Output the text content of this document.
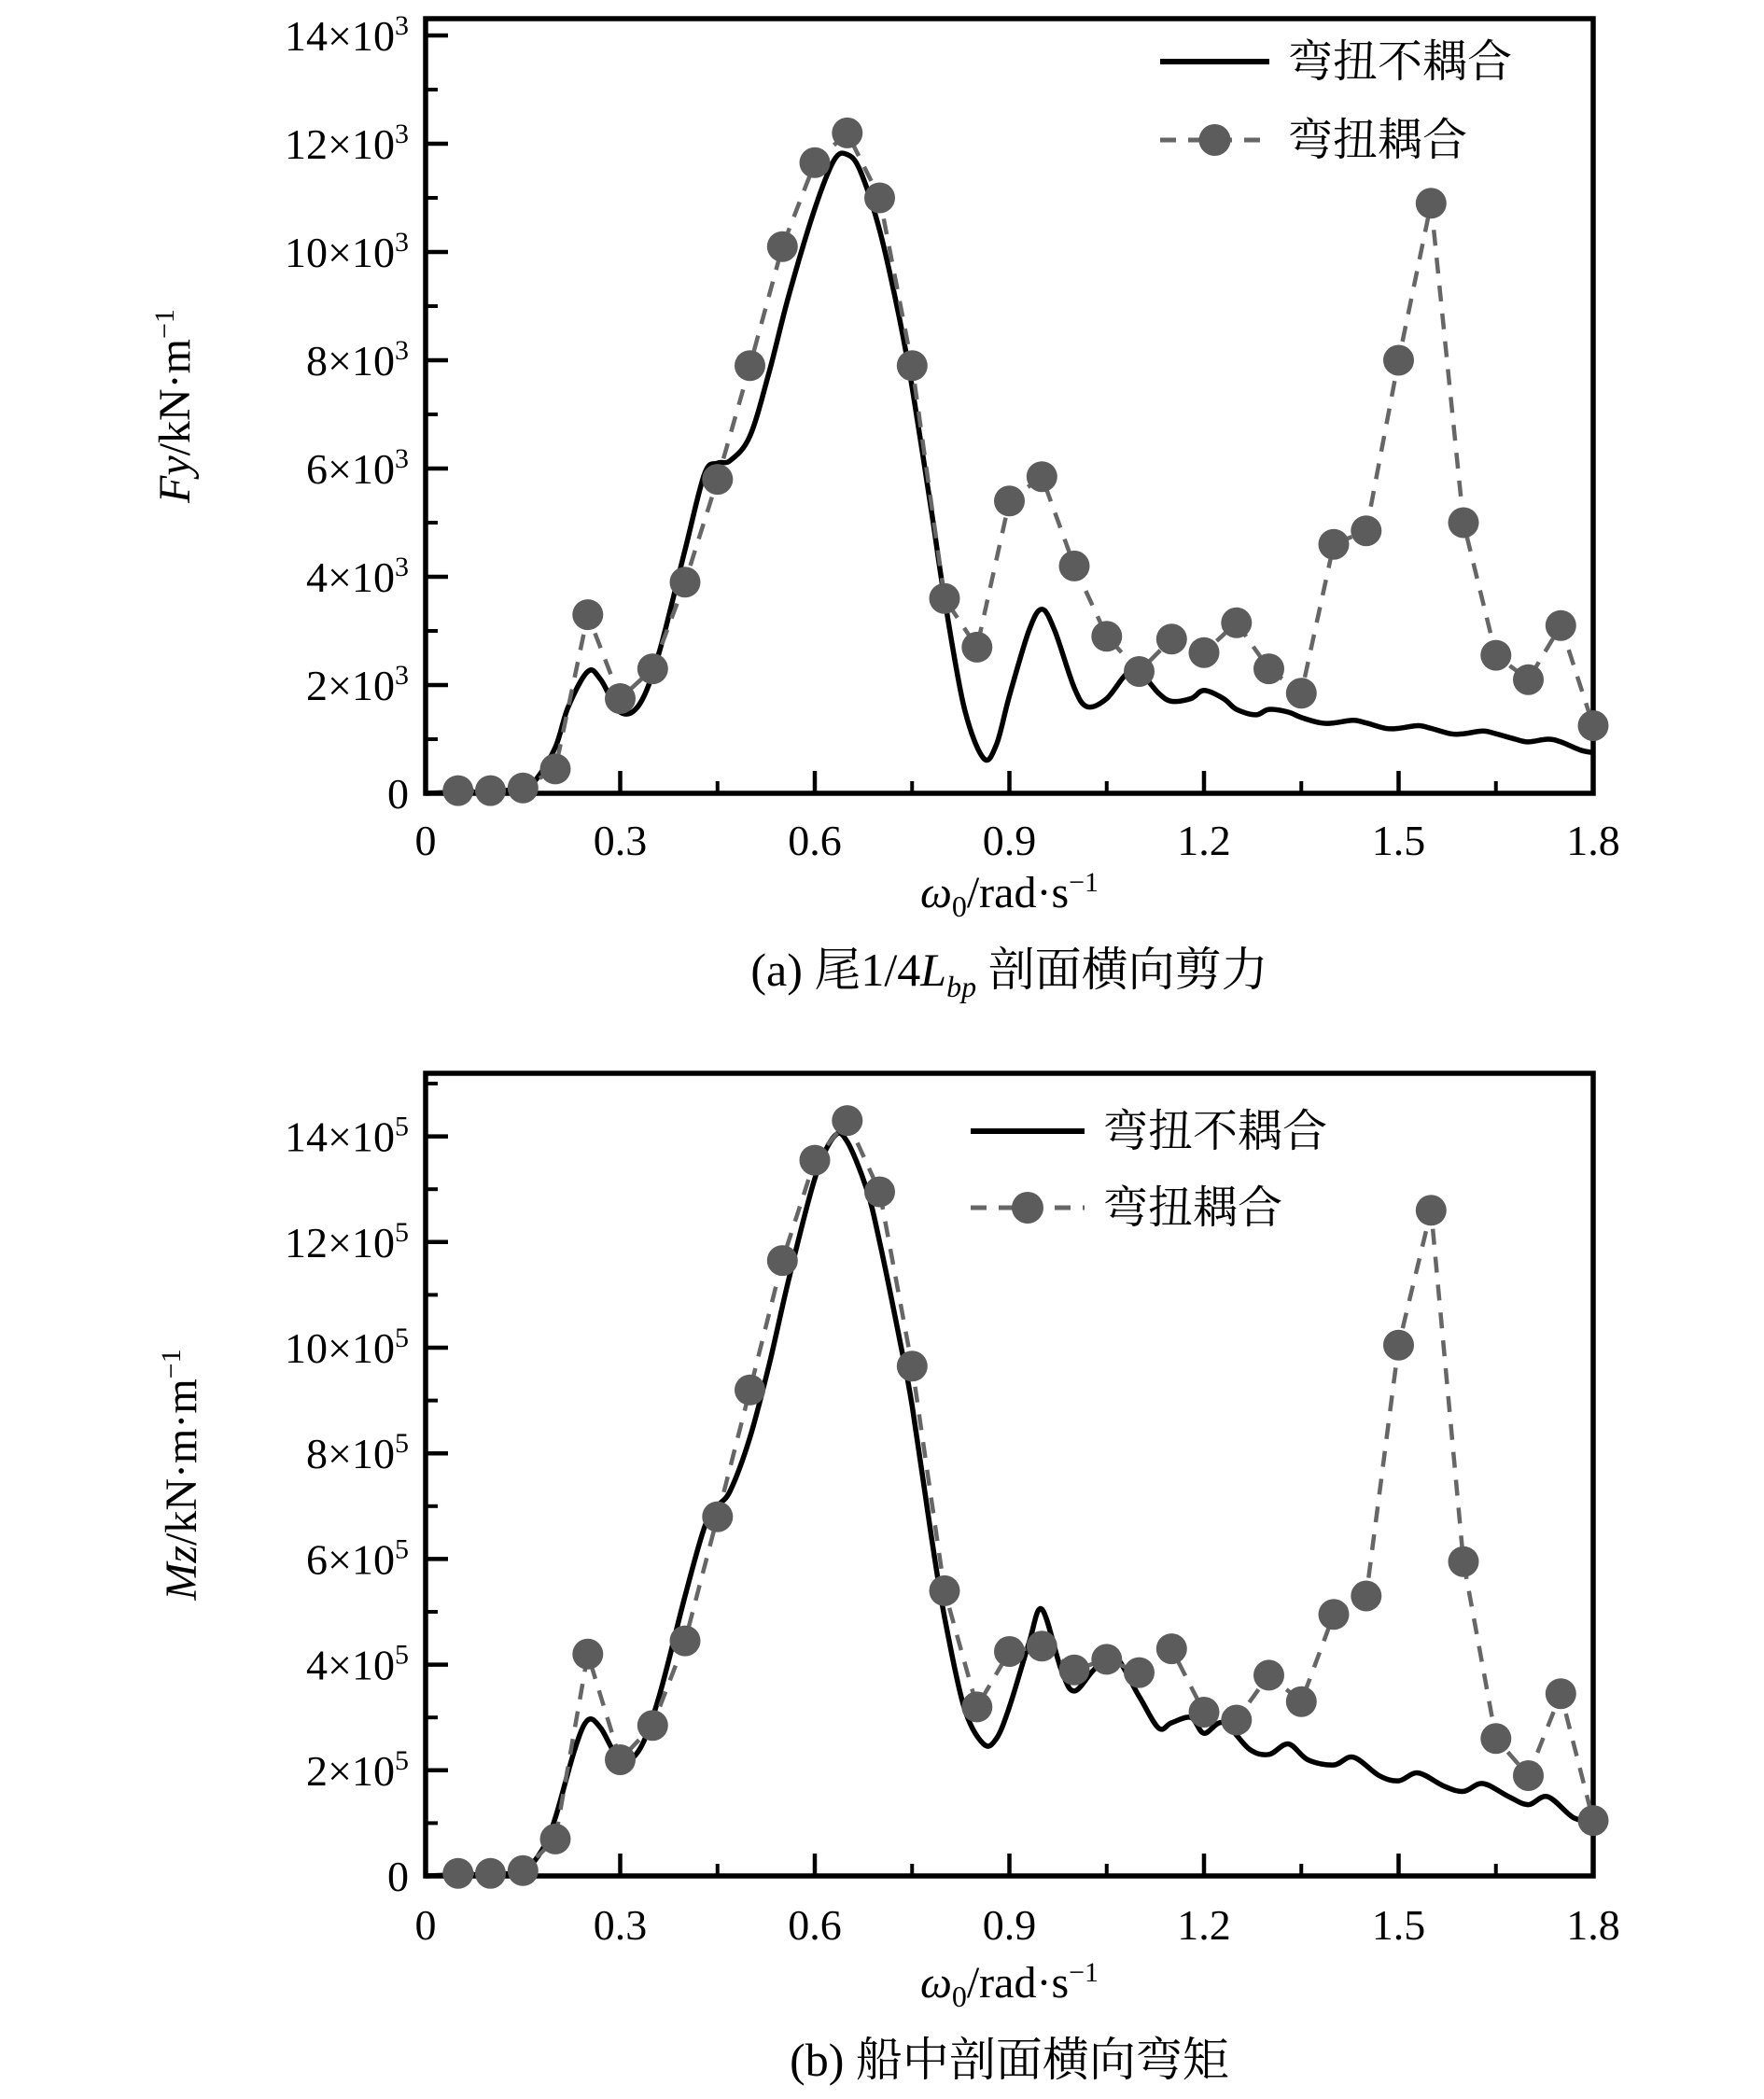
0
$2\times 10^3$
$4\times 10^3$
$6\times 10^3$
$8\times 10^3$
$10\times 10^3$
$12\times 10^3$
$14\times 10^3$
0	0.3	0.6	0.9	1.2	1.5	1.8
$Fy/kN\cdot m^{-1}$
$\omega_0/rad\cdot s^{-1}$
弯扭不耦合
弯扭耦合
(a) 尾$1/4L_{bp}$ 剖面横向剪力
0
$2\times 10^5$
$4\times 10^5$
$6\times 10^5$
$8\times 10^5$
$10\times 10^5$
$12\times 10^5$
$14\times 10^5$
0	0.3	0.6	0.9	1.2	1.5	1.8
$Mz/kN\cdot m\cdot m^{-1}$
$\omega_0/rad\cdot s^{-1}$
弯扭不耦合
弯扭耦合
(b) 船中剖面横向弯矩
